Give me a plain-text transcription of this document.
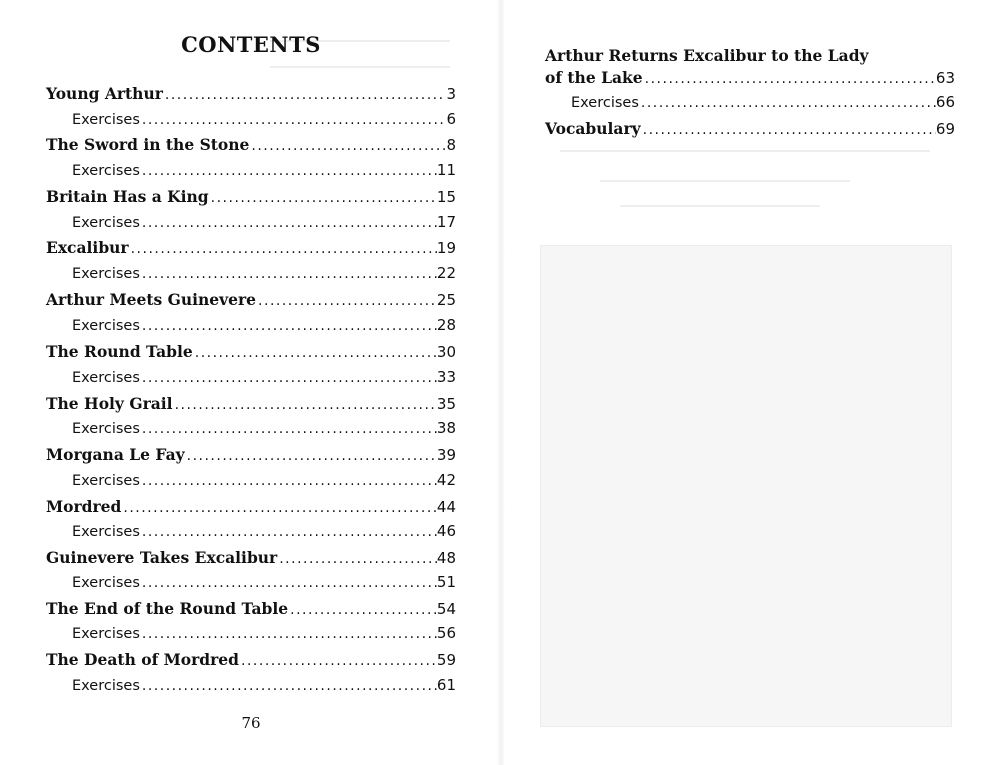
CONTENTS
Young Arthur .....	3
Exercises .....	6
The Sword in the Stone .....	8
Exercises .....	11
Britain Has a King .....	15
Exercises .....	17
Excalibur .....	19
Exercises .....	22
Arthur Meets Guinevere .....	25
Exercises .....	28
The Round Table .....	30
Exercises .....	33
The Holy Grail .....	35
Exercises .....	38
Morgana Le Fay .....	39
Exercises .....	42
Mordred .....	44
Exercises .....	46
Guinevere Takes Excalibur .....	48
Exercises .....	51
The End of the Round Table .....	54
Exercises .....	56
The Death of Mordred .....	59
Exercises .....	61
76
Arthur Returns Excalibur to the Lady
of the Lake .....	63
Exercises .....	66
Vocabulary .....	69
